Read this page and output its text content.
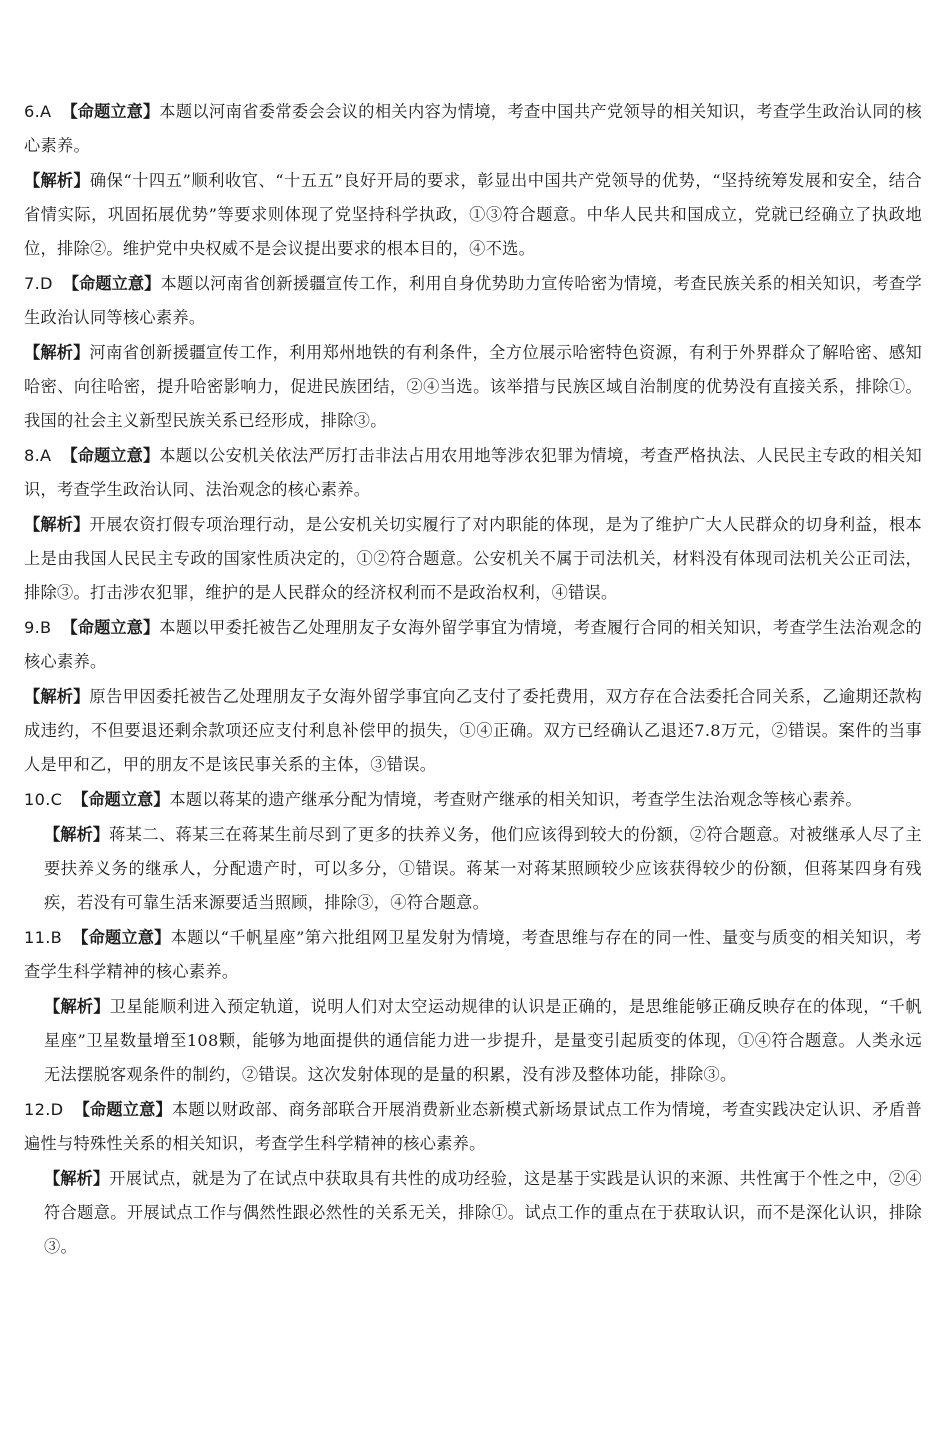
6.A 【命题立意】本题以河南省委常委会会议的相关内容为情境，考查中国共产党领导的相关知识，考查学生政治认同的核心素养。
【解析】确保“十四五”顺利收官、“十五五”良好开局的要求，彰显出中国共产党领导的优势，“坚持统筹发展和安全，结合省情实际，巩固拓展优势”等要求则体现了党坚持科学执政，①③符合题意。中华人民共和国成立，党就已经确立了执政地位，排除②。维护党中央权威不是会议提出要求的根本目的，④不选。
7.D 【命题立意】本题以河南省创新援疆宣传工作，利用自身优势助力宣传哈密为情境，考查民族关系的相关知识，考查学生政治认同等核心素养。
【解析】河南省创新援疆宣传工作，利用郑州地铁的有利条件，全方位展示哈密特色资源，有利于外界群众了解哈密、感知哈密、向往哈密，提升哈密影响力，促进民族团结，②④当选。该举措与民族区域自治制度的优势没有直接关系，排除①。我国的社会主义新型民族关系已经形成，排除③。
8.A 【命题立意】本题以公安机关依法严厉打击非法占用农用地等涉农犯罪为情境，考查严格执法、人民民主专政的相关知识，考查学生政治认同、法治观念的核心素养。
【解析】开展农资打假专项治理行动，是公安机关切实履行了对内职能的体现，是为了维护广大人民群众的切身利益，根本上是由我国人民民主专政的国家性质决定的，①②符合题意。公安机关不属于司法机关，材料没有体现司法机关公正司法，排除③。打击涉农犯罪，维护的是人民群众的经济权利而不是政治权利，④错误。
9.B 【命题立意】本题以甲委托被告乙处理朋友子女海外留学事宜为情境，考查履行合同的相关知识，考查学生法治观念的核心素养。
【解析】原告甲因委托被告乙处理朋友子女海外留学事宜向乙支付了委托费用，双方存在合法委托合同关系，乙逾期还款构成违约，不但要退还剩余款项还应支付利息补偿甲的损失，①④正确。双方已经确认乙退还7.8万元，②错误。案件的当事人是甲和乙，甲的朋友不是该民事关系的主体，③错误。
10.C 【命题立意】本题以蒋某的遗产继承分配为情境，考查财产继承的相关知识，考查学生法治观念等核心素养。
【解析】蒋某二、蒋某三在蒋某生前尽到了更多的扶养义务，他们应该得到较大的份额，②符合题意。对被继承人尽了主要扶养义务的继承人，分配遗产时，可以多分，①错误。蒋某一对蒋某照顾较少应该获得较少的份额，但蒋某四身有残疾，若没有可靠生活来源要适当照顾，排除③，④符合题意。
11.B 【命题立意】本题以“千帆星座”第六批组网卫星发射为情境，考查思维与存在的同一性、量变与质变的相关知识，考查学生科学精神的核心素养。
【解析】卫星能顺利进入预定轨道，说明人们对太空运动规律的认识是正确的，是思维能够正确反映存在的体现，“千帆星座”卫星数量增至108颗，能够为地面提供的通信能力进一步提升，是量变引起质变的体现，①④符合题意。人类永远无法摆脱客观条件的制约，②错误。这次发射体现的是量的积累，没有涉及整体功能，排除③。
12.D 【命题立意】本题以财政部、商务部联合开展消费新业态新模式新场景试点工作为情境，考查实践决定认识、矛盾普遍性与特殊性关系的相关知识，考查学生科学精神的核心素养。
【解析】开展试点，就是为了在试点中获取具有共性的成功经验，这是基于实践是认识的来源、共性寓于个性之中，②④符合题意。开展试点工作与偶然性跟必然性的关系无关，排除①。试点工作的重点在于获取认识，而不是深化认识，排除③。
